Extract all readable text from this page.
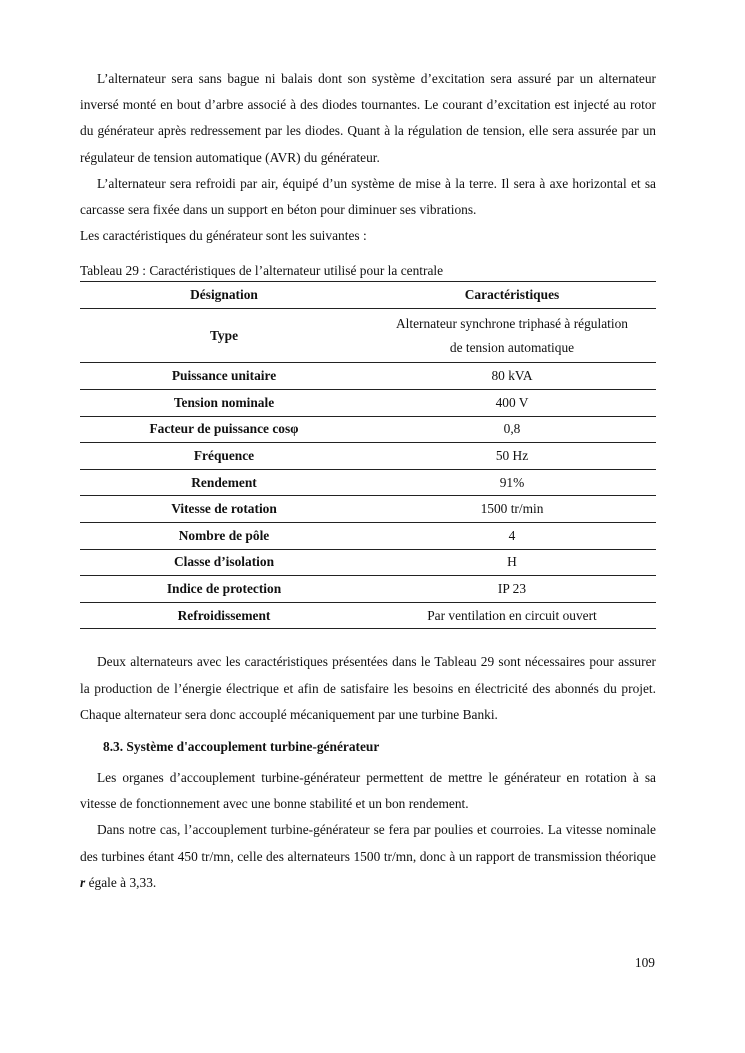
L’alternateur sera sans bague ni balais dont son système d’excitation sera assuré par un alternateur inversé monté en bout d’arbre associé à des diodes tournantes. Le courant d’excitation est injecté au rotor du générateur après redressement par les diodes. Quant à la régulation de tension, elle sera assurée par un régulateur de tension automatique (AVR) du générateur.

L’alternateur sera refroidi par air, équipé d’un système de mise à la terre. Il sera à axe horizontal et sa carcasse sera fixée dans un support en béton pour diminuer ses vibrations.

Les caractéristiques du générateur sont les suivantes :

Tableau 29 : Caractéristiques de l’alternateur utilisé pour la centrale
Désignation	Caractéristiques
Type	Alternateur synchrone triphasé à régulation
de tension automatique
Puissance unitaire	80 kVA
Tension nominale	400 V
Facteur de puissance cosφ	0,8
Fréquence	50 Hz
Rendement	91%
Vitesse de rotation	1500 tr/min
Nombre de pôle	4
Classe d’isolation	H
Indice de protection	IP 23
Refroidissement	Par ventilation en circuit ouvert

Deux alternateurs avec les caractéristiques présentées dans le Tableau 29 sont nécessaires pour assurer la production de l’énergie électrique et afin de satisfaire les besoins en électricité des abonnés du projet. Chaque alternateur sera donc accouplé mécaniquement par une turbine Banki.

8.3. Système d'accouplement turbine-générateur

Les organes d’accouplement turbine-générateur permettent de mettre le générateur en rotation à sa vitesse de fonctionnement avec une bonne stabilité et un bon rendement.

Dans notre cas, l’accouplement turbine-générateur se fera par poulies et courroies. La vitesse nominale des turbines étant 450 tr/mn, celle des alternateurs 1500 tr/mn, donc à un rapport de transmission théorique r égale à 3,33.

109
